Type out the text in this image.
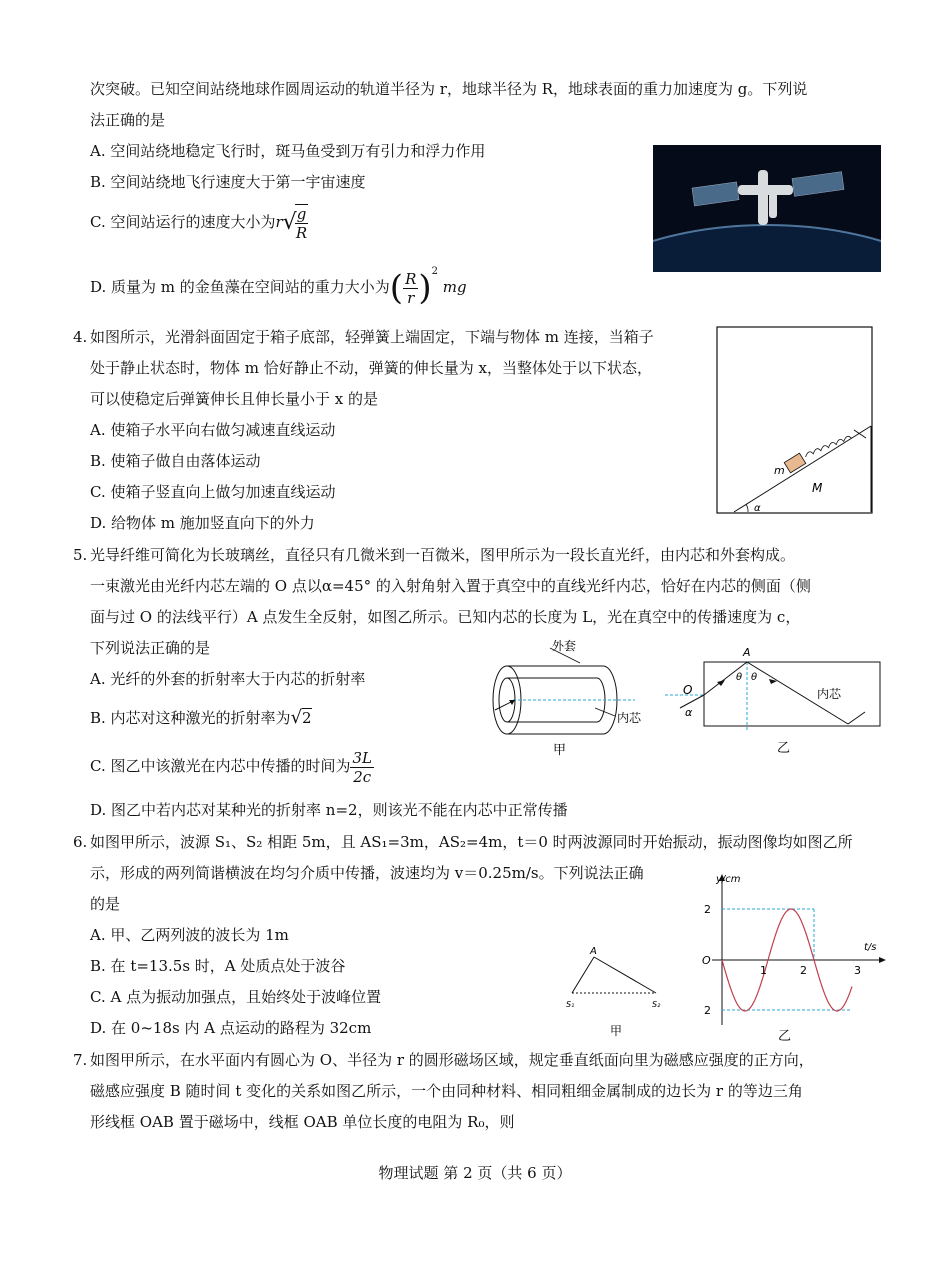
次突破。已知空间站绕地球作圆周运动的轨道半径为 r，地球半径为 R，地球表面的重力加速度为 g。下列说
法正确的是
A. 空间站绕地稳定飞行时，斑马鱼受到万有引力和浮力作用
B. 空间站绕地飞行速度大于第一宇宙速度
C. 空间站运行的速度大小为r√
$\frac{g}{R}$
D. 质量为 m 的金鱼藻在空间站的重力大小为( $\frac{R}{r} )^2$ mg
4. 如图所示，光滑斜面固定于箱子底部，轻弹簧上端固定，下端与物体 m 连接，当箱子
处于静止状态时，物体 m 恰好静止不动，弹簧的伸长量为 x，当整体处于以下状态，
可以使稳定后弹簧伸长且伸长量小于 x 的是
A. 使箱子水平向右做匀减速直线运动
B. 使箱子做自由落体运动
C. 使箱子竖直向上做匀加速直线运动
D. 给物体 m 施加竖直向下的外力
m
M
α
5. 光导纤维可简化为长玻璃丝，直径只有几微米到一百微米，图甲所示为一段长直光纤，由内芯和外套构成。
一束激光由光纤内芯左端的 O 点以α=45° 的入射角射入置于真空中的直线光纤内芯，恰好在内芯的侧面（侧
面与过 O 的法线平行）A 点发生全反射，如图乙所示。已知内芯的长度为 L，光在真空中的传播速度为 c，
下列说法正确的是
A. 光纤的外套的折射率大于内芯的折射率
B. 内芯对这种激光的折射率为√2
C. 图乙中该激光在内芯中传播的时间为 $\frac{3L}{2c}$
D. 图乙中若内芯对某种光的折射率 n=2，则该光不能在内芯中正常传播
外套
内芯
甲
A
O
α
θ θ
内芯
乙
6. 如图甲所示，波源 S₁、S₂ 相距 5m，且 AS₁=3m，AS₂=4m，t＝0 时两波源同时开始振动，振动图像均如图乙所
示，形成的两列简谐横波在均匀介质中传播，波速均为 v＝0.25m/s。下列说法正确
的是
A. 甲、乙两列波的波长为 1m
B. 在 t=13.5s 时，A 处质点处于波谷
C. A 点为振动加强点，且始终处于波峰位置
D. 在 0~18s 内 A 点运动的路程为 32cm
A
S₁	S₂
甲
y/cm
t/s
2
2
O
1	2	3
乙
7. 如图甲所示，在水平面内有圆心为 O、半径为 r 的圆形磁场区域，规定垂直纸面向里为磁感应强度的正方向，
磁感应强度 B 随时间 t 变化的关系如图乙所示，一个由同种材料、相同粗细金属制成的边长为 r 的等边三角
形线框 OAB 置于磁场中，线框 OAB 单位长度的电阻为 R₀，则
物理试题 第 2 页（共 6 页）
